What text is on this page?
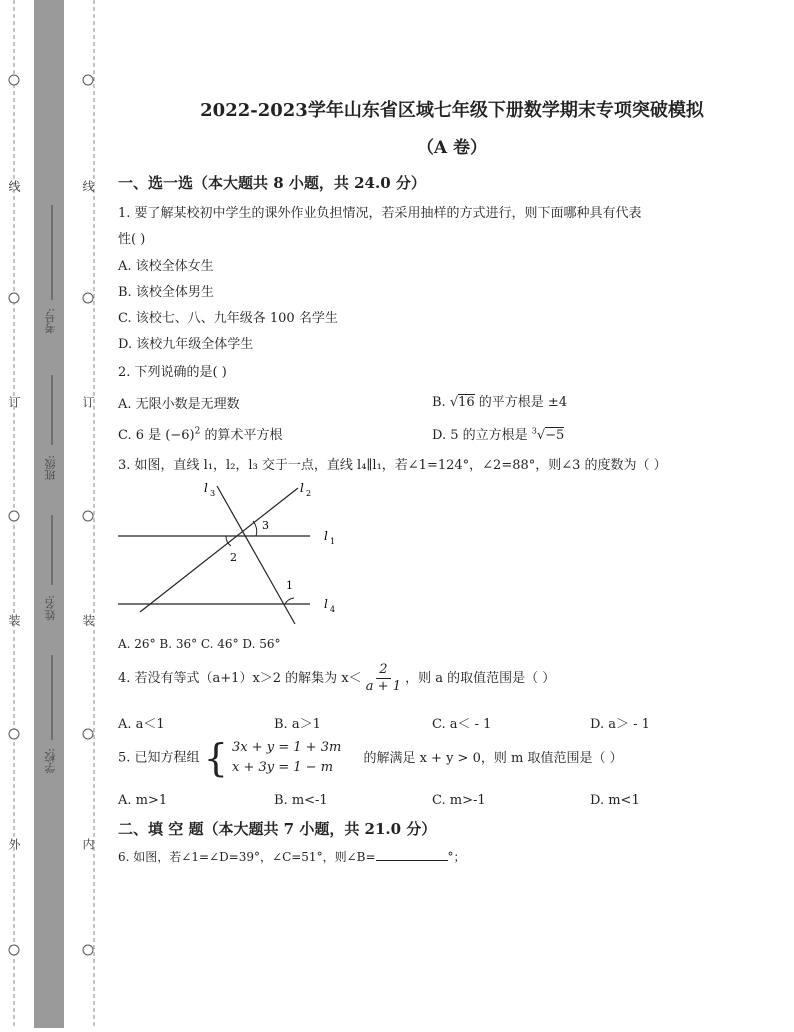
线
订
装
外
线
订
装
内
考号:
班级:
姓名:
学校:
2022-2023学年山东省区域七年级下册数学期末专项突破模拟
（A 卷）
一、选一选（本大题共 8 小题，共 24.0 分）
1. 要了解某校初中学生的课外作业负担情况，若采用抽样的方式进行，则下面哪种具有代表
性( )
A. 该校全体女生
B. 该校全体男生
C. 该校七、八、九年级各 100 名学生
D. 该校九年级全体学生
2. 下列说确的是( )
A. 无限小数是无理数	B. √16 的平方根是 ±4
C. 6 是 $(-6)^2$ 的算术平方根	D. 5 的立方根是 $^3$√−5
3. 如图，直线 l₁，l₂，l₃ 交于一点，直线 l₄∥l₁，若∠1=124°，∠2=88°，则∠3 的度数为（ ）
l 3	l 2
l 1
l 4
3
2
1
A. 26° B. 36° C. 46° D. 56°
4. 若没有等式（a+1）x＞2 的解集为 $x< \frac{2}{a + 1}$ ，则 a 的取值范围是（ ）
A. a＜1	B. a＞1	C. a＜ - 1	D. a＞ - 1
5. 已知方程组 { 3x + y = 1 + 3m
x + 3y = 1 − m
的解满足 x + y > 0，则 m 取值范围是（ ）
A. m>1	B. m<-1	C. m>-1	D. m<1
二、填 空 题（本大题共 7 小题，共 21.0 分）
6. 如图，若∠1=∠D=39°，∠C=51°，则∠B=	°；
